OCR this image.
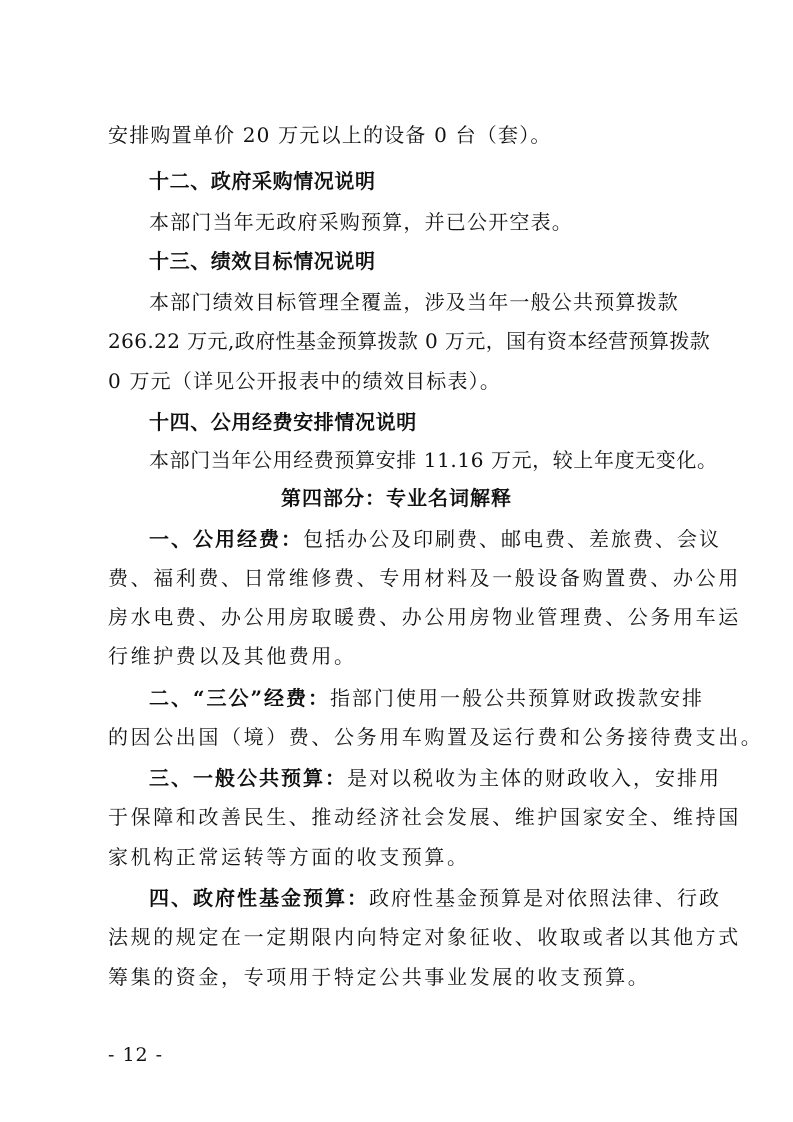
安排购置单价 20 万元以上的设备 0 台（套）。
十二、政府采购情况说明
本部门当年无政府采购预算，并已公开空表。
十三、绩效目标情况说明
本部门绩效目标管理全覆盖，涉及当年一般公共预算拨款
266.22 万元,政府性基金预算拨款 0 万元，国有资本经营预算拨款
0 万元（详见公开报表中的绩效目标表）。
十四、公用经费安排情况说明
本部门当年公用经费预算安排 11.16 万元，较上年度无变化。
第四部分：专业名词解释
一、公用经费：包括办公及印刷费、邮电费、差旅费、会议
费、福利费、日常维修费、专用材料及一般设备购置费、办公用
房水电费、办公用房取暖费、办公用房物业管理费、公务用车运
行维护费以及其他费用。
二、“三公”经费：指部门使用一般公共预算财政拨款安排
的因公出国（境）费、公务用车购置及运行费和公务接待费支出。
三、一般公共预算：是对以税收为主体的财政收入，安排用
于保障和改善民生、推动经济社会发展、维护国家安全、维持国
家机构正常运转等方面的收支预算。
四、政府性基金预算：政府性基金预算是对依照法律、行政
法规的规定在一定期限内向特定对象征收、收取或者以其他方式
筹集的资金，专项用于特定公共事业发展的收支预算。
- 12 -
